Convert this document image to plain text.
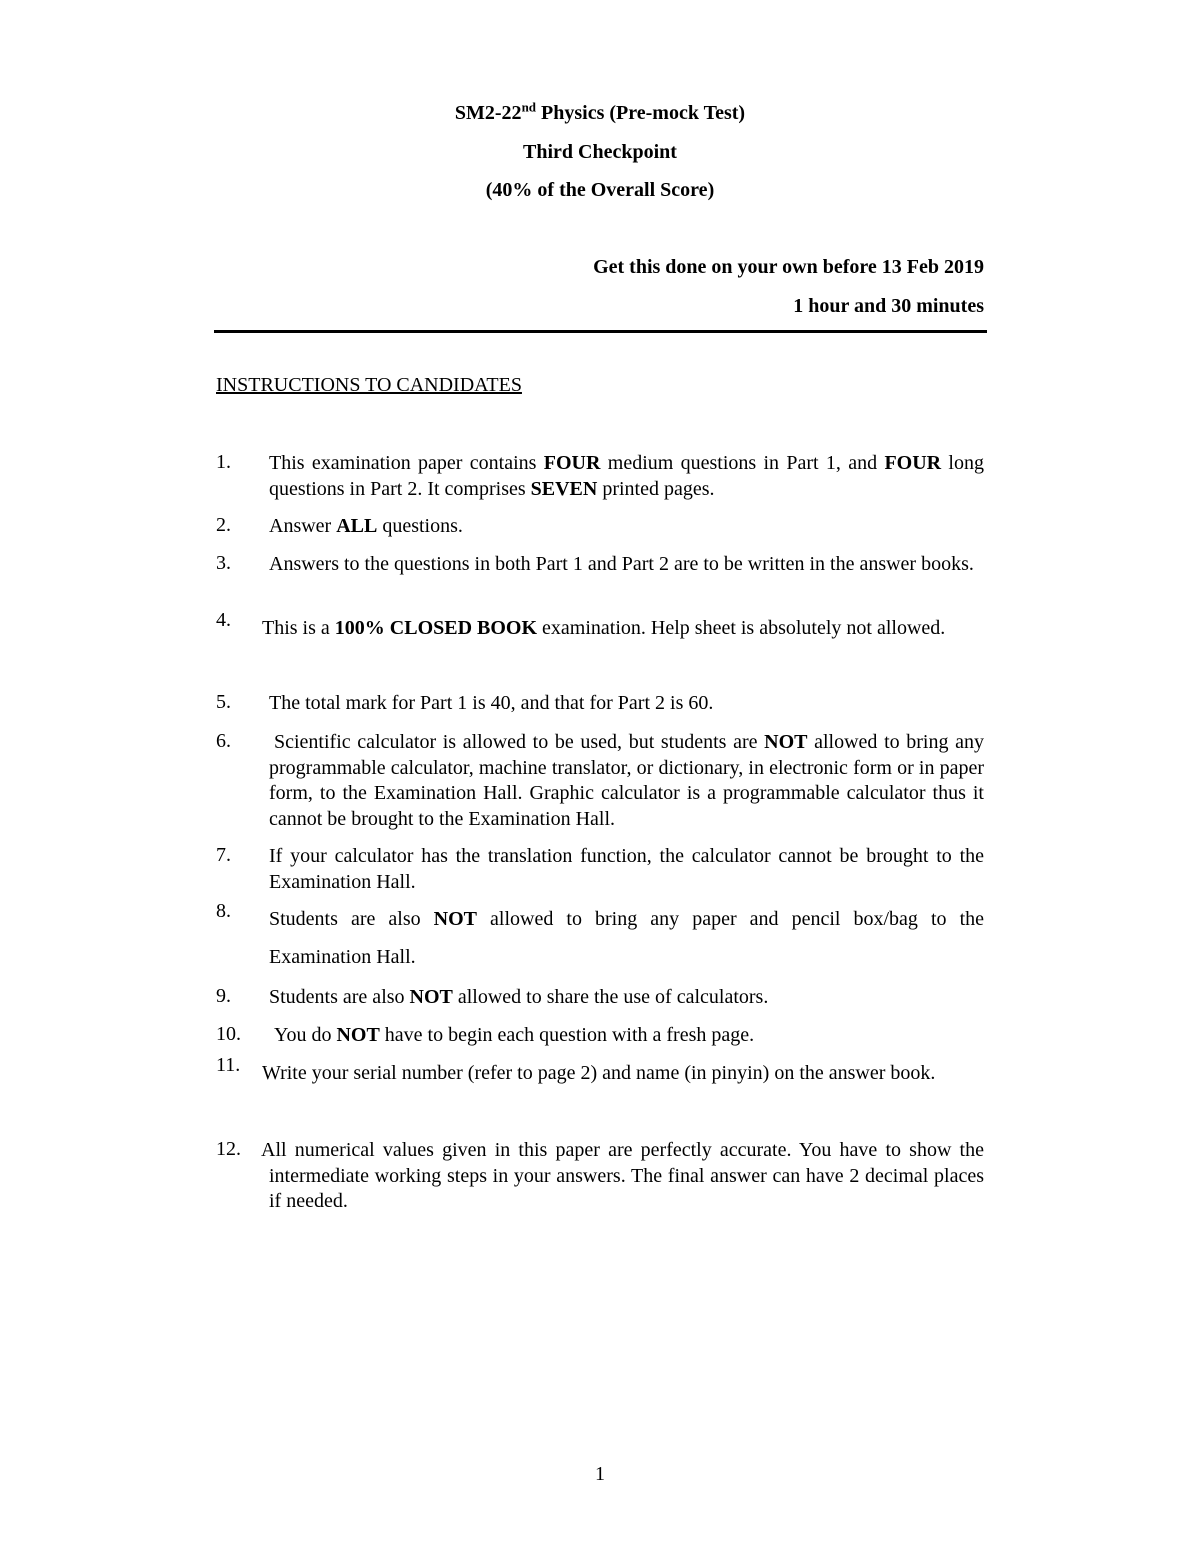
SM2-22nd Physics (Pre-mock Test)
Third Checkpoint
(40% of the Overall Score)
Get this done on your own before 13 Feb 2019
1 hour and 30 minutes
INSTRUCTIONS TO CANDIDATES
1. This examination paper contains FOUR medium questions in Part 1, and FOUR long questions in Part 2. It comprises SEVEN printed pages.
2. Answer ALL questions.
3. Answers to the questions in both Part 1 and Part 2 are to be written in the answer books.
4. This is a 100% CLOSED BOOK examination. Help sheet is absolutely not allowed.
5. The total mark for Part 1 is 40, and that for Part 2 is 60.
6. Scientific calculator is allowed to be used, but students are NOT allowed to bring any programmable calculator, machine translator, or dictionary, in electronic form or in paper form, to the Examination Hall. Graphic calculator is a programmable calculator thus it cannot be brought to the Examination Hall.
7. If your calculator has the translation function, the calculator cannot be brought to the Examination Hall.
8. Students are also NOT allowed to bring any paper and pencil box/bag to the Examination Hall.
9. Students are also NOT allowed to share the use of calculators.
10. You do NOT have to begin each question with a fresh page.
11. Write your serial number (refer to page 2) and name (in pinyin) on the answer book.
12. All numerical values given in this paper are perfectly accurate. You have to show the intermediate working steps in your answers. The final answer can have 2 decimal places if needed.
1
